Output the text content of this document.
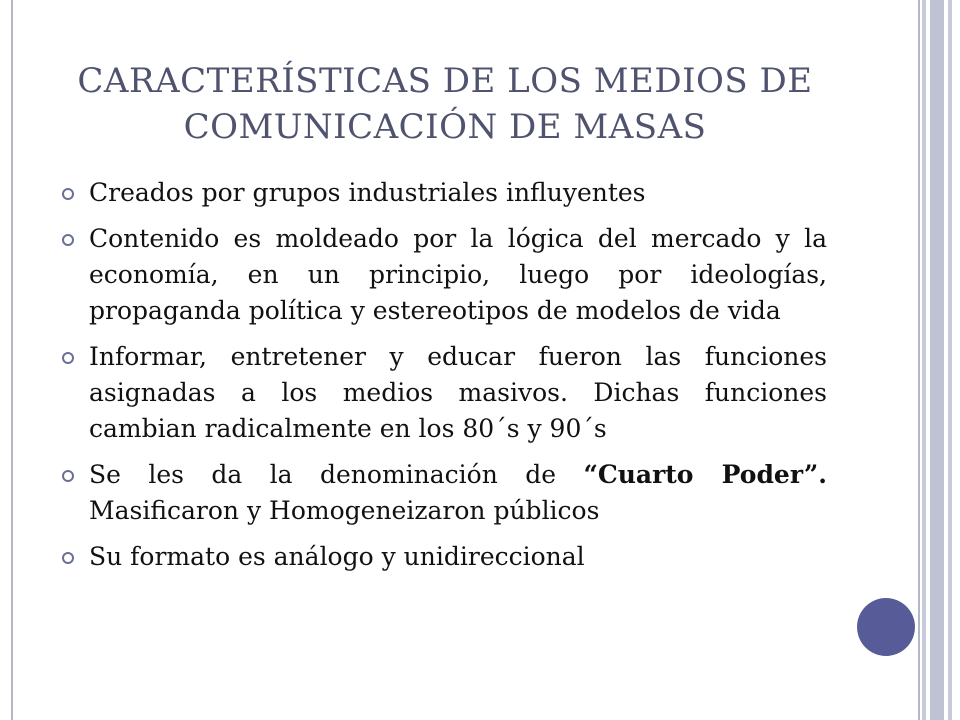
CARACTERÍSTICAS DE LOS MEDIOS DE
COMUNICACIÓN DE MASAS
Creados por grupos industriales influyentes
Contenido es moldeado por la lógica del mercado y la economía, en un principio, luego por ideologías, propaganda política y estereotipos de modelos de vida
Informar, entretener y educar fueron las funciones asignadas a los medios masivos. Dichas funciones cambian radicalmente en los 80´s y 90´s
Se les da la denominación de “Cuarto Poder”. Masificaron y Homogeneizaron públicos
Su formato es análogo y unidireccional
